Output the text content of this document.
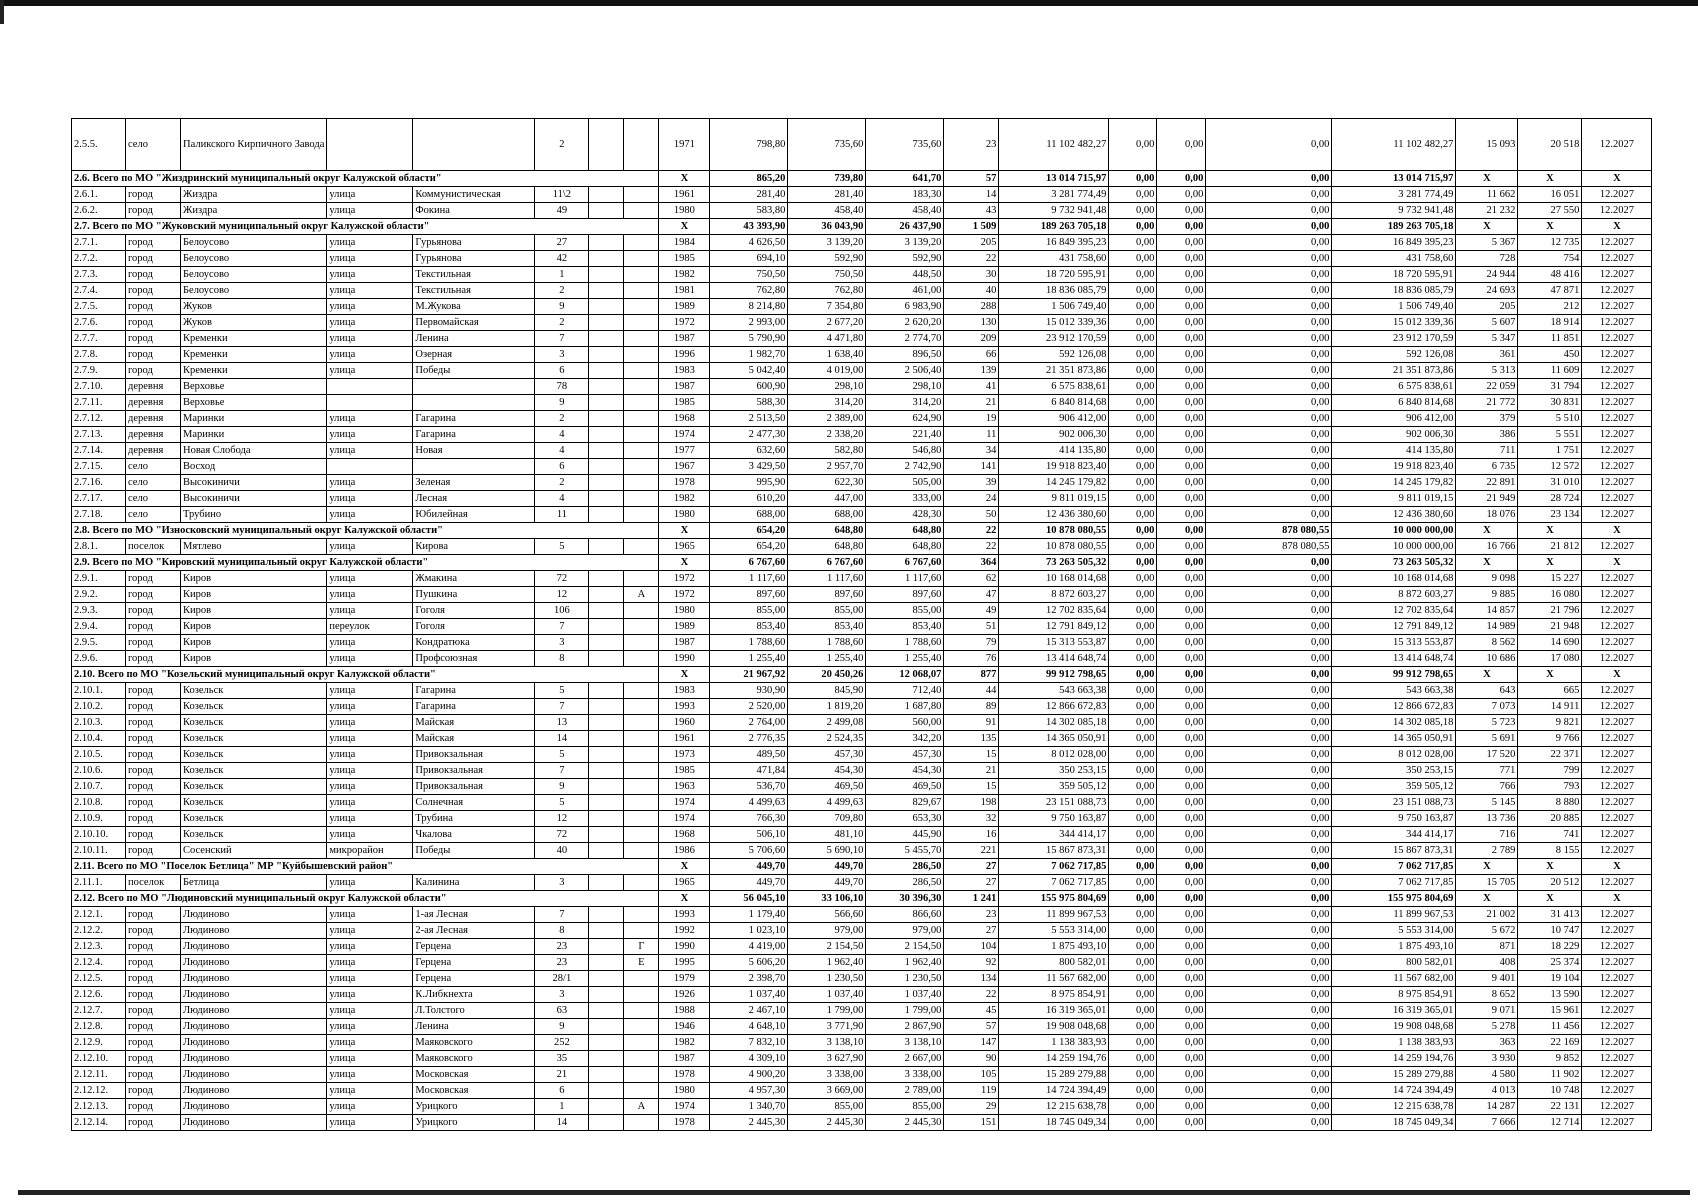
2.5.5.	село	Паликского Кирпичного Завода			2			1971	798,80	735,60	735,60	23	11 102 482,27	0,00	0,00	0,00	11 102 482,27	15 093	20 518	12.2027
2.6. Всего по МО "Жиздринский муниципальный округ Калужской области"								Х	865,20	739,80	641,70	57	13 014 715,97	0,00	0,00	0,00	13 014 715,97	Х	Х	Х
2.6.1.	город	Жиздра	улица	Коммунистическая	11\2			1961	281,40	281,40	183,30	14	3 281 774,49	0,00	0,00	0,00	3 281 774,49	11 662	16 051	12.2027
2.6.2.	город	Жиздра	улица	Фокина	49			1980	583,80	458,40	458,40	43	9 732 941,48	0,00	0,00	0,00	9 732 941,48	21 232	27 550	12.2027
2.7. Всего по МО "Жуковский муниципальный округ Калужской области"								Х	43 393,90	36 043,90	26 437,90	1 509	189 263 705,18	0,00	0,00	0,00	189 263 705,18	Х	Х	Х
2.7.1.	город	Белоусово	улица	Гурьянова	27			1984	4 626,50	3 139,20	3 139,20	205	16 849 395,23	0,00	0,00	0,00	16 849 395,23	5 367	12 735	12.2027
2.7.2.	город	Белоусово	улица	Гурьянова	42			1985	694,10	592,90	592,90	22	431 758,60	0,00	0,00	0,00	431 758,60	728	754	12.2027
2.7.3.	город	Белоусово	улица	Текстильная	1			1982	750,50	750,50	448,50	30	18 720 595,91	0,00	0,00	0,00	18 720 595,91	24 944	48 416	12.2027
2.7.4.	город	Белоусово	улица	Текстильная	2			1981	762,80	762,80	461,00	40	18 836 085,79	0,00	0,00	0,00	18 836 085,79	24 693	47 871	12.2027
2.7.5.	город	Жуков	улица	М.Жукова	9			1989	8 214,80	7 354,80	6 983,90	288	1 506 749,40	0,00	0,00	0,00	1 506 749,40	205	212	12.2027
2.7.6.	город	Жуков	улица	Первомайская	2			1972	2 993,00	2 677,20	2 620,20	130	15 012 339,36	0,00	0,00	0,00	15 012 339,36	5 607	18 914	12.2027
2.7.7.	город	Кременки	улица	Ленина	7			1987	5 790,90	4 471,80	2 774,70	209	23 912 170,59	0,00	0,00	0,00	23 912 170,59	5 347	11 851	12.2027
2.7.8.	город	Кременки	улица	Озерная	3			1996	1 982,70	1 638,40	896,50	66	592 126,08	0,00	0,00	0,00	592 126,08	361	450	12.2027
2.7.9.	город	Кременки	улица	Победы	6			1983	5 042,40	4 019,00	2 506,40	139	21 351 873,86	0,00	0,00	0,00	21 351 873,86	5 313	11 609	12.2027
2.7.10.	деревня	Верховье			78			1987	600,90	298,10	298,10	41	6 575 838,61	0,00	0,00	0,00	6 575 838,61	22 059	31 794	12.2027
2.7.11.	деревня	Верховье			9			1985	588,30	314,20	314,20	21	6 840 814,68	0,00	0,00	0,00	6 840 814,68	21 772	30 831	12.2027
2.7.12.	деревня	Маринки	улица	Гагарина	2			1968	2 513,50	2 389,00	624,90	19	906 412,00	0,00	0,00	0,00	906 412,00	379	5 510	12.2027
2.7.13.	деревня	Маринки	улица	Гагарина	4			1974	2 477,30	2 338,20	221,40	11	902 006,30	0,00	0,00	0,00	902 006,30	386	5 551	12.2027
2.7.14.	деревня	Новая Слобода	улица	Новая	4			1977	632,60	582,80	546,80	34	414 135,80	0,00	0,00	0,00	414 135,80	711	1 751	12.2027
2.7.15.	село	Восход			6			1967	3 429,50	2 957,70	2 742,90	141	19 918 823,40	0,00	0,00	0,00	19 918 823,40	6 735	12 572	12.2027
2.7.16.	село	Высокиничи	улица	Зеленая	2			1978	995,90	622,30	505,00	39	14 245 179,82	0,00	0,00	0,00	14 245 179,82	22 891	31 010	12.2027
2.7.17.	село	Высокиничи	улица	Лесная	4			1982	610,20	447,00	333,00	24	9 811 019,15	0,00	0,00	0,00	9 811 019,15	21 949	28 724	12.2027
2.7.18.	село	Трубино	улица	Юбилейная	11			1980	688,00	688,00	428,30	50	12 436 380,60	0,00	0,00	0,00	12 436 380,60	18 076	23 134	12.2027
2.8. Всего по МО "Износковский муниципальный округ Калужской области"								Х	654,20	648,80	648,80	22	10 878 080,55	0,00	0,00	878 080,55	10 000 000,00	Х	Х	Х
2.8.1.	поселок	Мятлево	улица	Кирова	5			1965	654,20	648,80	648,80	22	10 878 080,55	0,00	0,00	878 080,55	10 000 000,00	16 766	21 812	12.2027
2.9. Всего по МО "Кировский муниципальный округ Калужской области"								Х	6 767,60	6 767,60	6 767,60	364	73 263 505,32	0,00	0,00	0,00	73 263 505,32	Х	Х	Х
2.9.1.	город	Киров	улица	Жмакина	72			1972	1 117,60	1 117,60	1 117,60	62	10 168 014,68	0,00	0,00	0,00	10 168 014,68	9 098	15 227	12.2027
2.9.2.	город	Киров	улица	Пушкина	12		А	1972	897,60	897,60	897,60	47	8 872 603,27	0,00	0,00	0,00	8 872 603,27	9 885	16 080	12.2027
2.9.3.	город	Киров	улица	Гоголя	106			1980	855,00	855,00	855,00	49	12 702 835,64	0,00	0,00	0,00	12 702 835,64	14 857	21 796	12.2027
2.9.4.	город	Киров	переулок	Гоголя	7			1989	853,40	853,40	853,40	51	12 791 849,12	0,00	0,00	0,00	12 791 849,12	14 989	21 948	12.2027
2.9.5.	город	Киров	улица	Кондратюка	3			1987	1 788,60	1 788,60	1 788,60	79	15 313 553,87	0,00	0,00	0,00	15 313 553,87	8 562	14 690	12.2027
2.9.6.	город	Киров	улица	Профсоюзная	8			1990	1 255,40	1 255,40	1 255,40	76	13 414 648,74	0,00	0,00	0,00	13 414 648,74	10 686	17 080	12.2027
2.10. Всего по МО "Козельский муниципальный округ Калужской области"								Х	21 967,92	20 450,26	12 068,07	877	99 912 798,65	0,00	0,00	0,00	99 912 798,65	Х	Х	Х
2.10.1.	город	Козельск	улица	Гагарина	5			1983	930,90	845,90	712,40	44	543 663,38	0,00	0,00	0,00	543 663,38	643	665	12.2027
2.10.2.	город	Козельск	улица	Гагарина	7			1993	2 520,00	1 819,20	1 687,80	89	12 866 672,83	0,00	0,00	0,00	12 866 672,83	7 073	14 911	12.2027
2.10.3.	город	Козельск	улица	Майская	13			1960	2 764,00	2 499,08	560,00	91	14 302 085,18	0,00	0,00	0,00	14 302 085,18	5 723	9 821	12.2027
2.10.4.	город	Козельск	улица	Майская	14			1961	2 776,35	2 524,35	342,20	135	14 365 050,91	0,00	0,00	0,00	14 365 050,91	5 691	9 766	12.2027
2.10.5.	город	Козельск	улица	Привокзальная	5			1973	489,50	457,30	457,30	15	8 012 028,00	0,00	0,00	0,00	8 012 028,00	17 520	22 371	12.2027
2.10.6.	город	Козельск	улица	Привокзальная	7			1985	471,84	454,30	454,30	21	350 253,15	0,00	0,00	0,00	350 253,15	771	799	12.2027
2.10.7.	город	Козельск	улица	Привокзальная	9			1963	536,70	469,50	469,50	15	359 505,12	0,00	0,00	0,00	359 505,12	766	793	12.2027
2.10.8.	город	Козельск	улица	Солнечная	5			1974	4 499,63	4 499,63	829,67	198	23 151 088,73	0,00	0,00	0,00	23 151 088,73	5 145	8 880	12.2027
2.10.9.	город	Козельск	улица	Трубина	12			1974	766,30	709,80	653,30	32	9 750 163,87	0,00	0,00	0,00	9 750 163,87	13 736	20 885	12.2027
2.10.10.	город	Козельск	улица	Чкалова	72			1968	506,10	481,10	445,90	16	344 414,17	0,00	0,00	0,00	344 414,17	716	741	12.2027
2.10.11.	город	Сосенский	микрорайон	Победы	40			1986	5 706,60	5 690,10	5 455,70	221	15 867 873,31	0,00	0,00	0,00	15 867 873,31	2 789	8 155	12.2027
2.11. Всего по МО "Поселок Бетлица" МР "Куйбышевский район"								Х	449,70	449,70	286,50	27	7 062 717,85	0,00	0,00	0,00	7 062 717,85	Х	Х	Х
2.11.1.	поселок	Бетлица	улица	Калинина	3			1965	449,70	449,70	286,50	27	7 062 717,85	0,00	0,00	0,00	7 062 717,85	15 705	20 512	12.2027
2.12. Всего по МО "Людиновский муниципальный округ Калужской области"								Х	56 045,10	33 106,10	30 396,30	1 241	155 975 804,69	0,00	0,00	0,00	155 975 804,69	Х	Х	Х
2.12.1.	город	Людиново	улица	1-ая Лесная	7			1993	1 179,40	566,60	866,60	23	11 899 967,53	0,00	0,00	0,00	11 899 967,53	21 002	31 413	12.2027
2.12.2.	город	Людиново	улица	2-ая Лесная	8			1992	1 023,10	979,00	979,00	27	5 553 314,00	0,00	0,00	0,00	5 553 314,00	5 672	10 747	12.2027
2.12.3.	город	Людиново	улица	Герцена	23		Г	1990	4 419,00	2 154,50	2 154,50	104	1 875 493,10	0,00	0,00	0,00	1 875 493,10	871	18 229	12.2027
2.12.4.	город	Людиново	улица	Герцена	23		Е	1995	5 606,20	1 962,40	1 962,40	92	800 582,01	0,00	0,00	0,00	800 582,01	408	25 374	12.2027
2.12.5.	город	Людиново	улица	Герцена	28/1			1979	2 398,70	1 230,50	1 230,50	134	11 567 682,00	0,00	0,00	0,00	11 567 682,00	9 401	19 104	12.2027
2.12.6.	город	Людиново	улица	К.Либкнехта	3			1926	1 037,40	1 037,40	1 037,40	22	8 975 854,91	0,00	0,00	0,00	8 975 854,91	8 652	13 590	12.2027
2.12.7.	город	Людиново	улица	Л.Толстого	63			1988	2 467,10	1 799,00	1 799,00	45	16 319 365,01	0,00	0,00	0,00	16 319 365,01	9 071	15 961	12.2027
2.12.8.	город	Людиново	улица	Ленина	9			1946	4 648,10	3 771,90	2 867,90	57	19 908 048,68	0,00	0,00	0,00	19 908 048,68	5 278	11 456	12.2027
2.12.9.	город	Людиново	улица	Маяковского	252			1982	7 832,10	3 138,10	3 138,10	147	1 138 383,93	0,00	0,00	0,00	1 138 383,93	363	22 169	12.2027
2.12.10.	город	Людиново	улица	Маяковского	35			1987	4 309,10	3 627,90	2 667,00	90	14 259 194,76	0,00	0,00	0,00	14 259 194,76	3 930	9 852	12.2027
2.12.11.	город	Людиново	улица	Московская	21			1978	4 900,20	3 338,00	3 338,00	105	15 289 279,88	0,00	0,00	0,00	15 289 279,88	4 580	11 902	12.2027
2.12.12.	город	Людиново	улица	Московская	6			1980	4 957,30	3 669,00	2 789,00	119	14 724 394,49	0,00	0,00	0,00	14 724 394,49	4 013	10 748	12.2027
2.12.13.	город	Людиново	улица	Урицкого	1		А	1974	1 340,70	855,00	855,00	29	12 215 638,78	0,00	0,00	0,00	12 215 638,78	14 287	22 131	12.2027
2.12.14.	город	Людиново	улица	Урицкого	14			1978	2 445,30	2 445,30	2 445,30	151	18 745 049,34	0,00	0,00	0,00	18 745 049,34	7 666	12 714	12.2027
